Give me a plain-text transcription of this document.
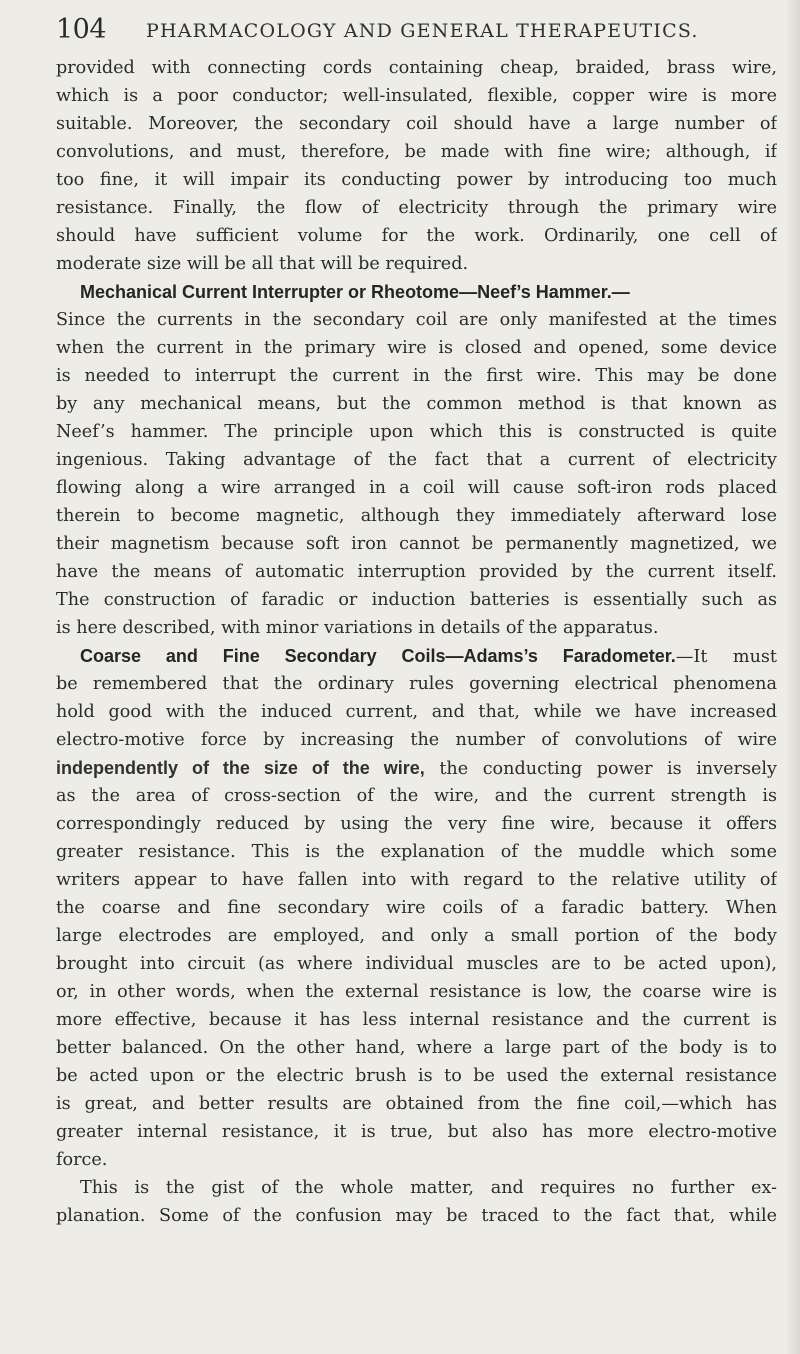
104 PHARMACOLOGY AND GENERAL THERAPEUTICS.
provided with connecting cords containing cheap, braided, brass wire,
which is a poor conductor; well-insulated, flexible, copper wire is more
suitable. Moreover, the secondary coil should have a large number of
convolutions, and must, therefore, be made with fine wire; although, if
too fine, it will impair its conducting power by introducing too much
resistance. Finally, the flow of electricity through the primary wire
should have sufficient volume for the work. Ordinarily, one cell of
moderate size will be all that will be required.
Mechanical Current Interrupter or Rheotome—Neef’s Hammer.—
Since the currents in the secondary coil are only manifested at the times
when the current in the primary wire is closed and opened, some device
is needed to interrupt the current in the first wire. This may be done
by any mechanical means, but the common method is that known as
Neef’s hammer. The principle upon which this is constructed is quite
ingenious. Taking advantage of the fact that a current of electricity
flowing along a wire arranged in a coil will cause soft-iron rods placed
therein to become magnetic, although they immediately afterward lose
their magnetism because soft iron cannot be permanently magnetized, we
have the means of automatic interruption provided by the current itself.
The construction of faradic or induction batteries is essentially such as
is here described, with minor variations in details of the apparatus.
Coarse and Fine Secondary Coils—Adams’s Faradometer.—It must
be remembered that the ordinary rules governing electrical phenomena
hold good with the induced current, and that, while we have increased
electro-motive force by increasing the number of convolutions of wire
independently of the size of the wire, the conducting power is inversely
as the area of cross-section of the wire, and the current strength is
correspondingly reduced by using the very fine wire, because it offers
greater resistance. This is the explanation of the muddle which some
writers appear to have fallen into with regard to the relative utility of
the coarse and fine secondary wire coils of a faradic battery. When
large electrodes are employed, and only a small portion of the body
brought into circuit (as where individual muscles are to be acted upon),
or, in other words, when the external resistance is low, the coarse wire is
more effective, because it has less internal resistance and the current is
better balanced. On the other hand, where a large part of the body is to
be acted upon or the electric brush is to be used the external resistance
is great, and better results are obtained from the fine coil,—which has
greater internal resistance, it is true, but also has more electro-motive
force.
This is the gist of the whole matter, and requires no further ex-
planation. Some of the confusion may be traced to the fact that, while
